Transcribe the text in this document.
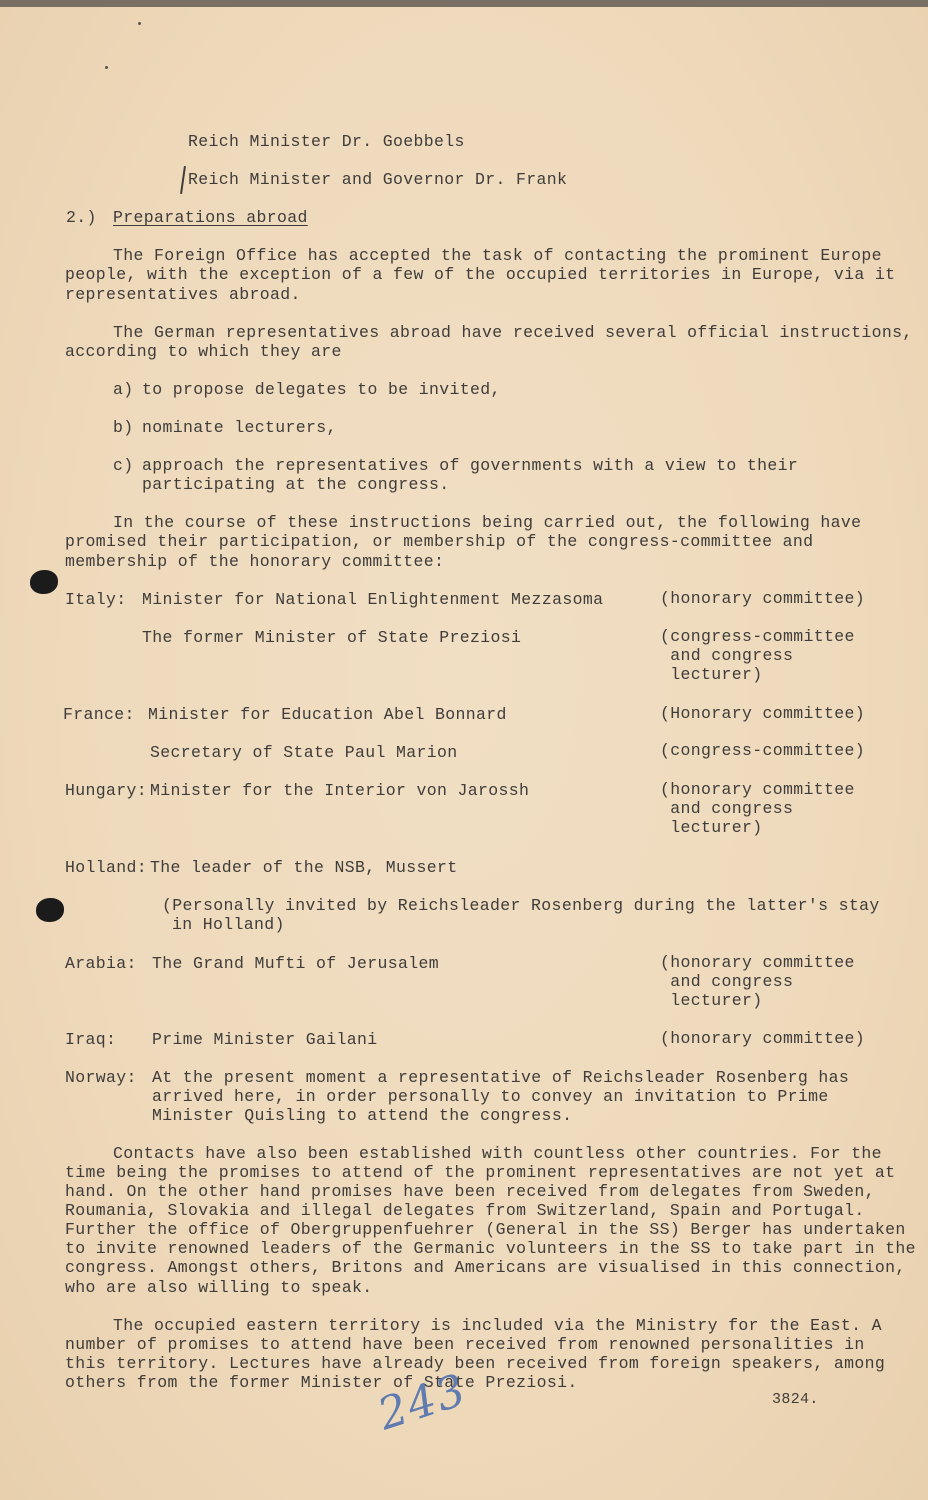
Reich Minister Dr. Goebbels
Reich Minister and Governor Dr. Frank
2.) Preparations abroad
The Foreign Office has accepted the task of contacting the prominent Europe
people, with the exception of a few of the occupied territories in Europe, via it
representatives abroad.
The German representatives abroad have received several official instructions,
according to which they are
a) to propose delegates to be invited,
b) nominate lecturers,
c) approach the representatives of governments with a view to their
participating at the congress.
In the course of these instructions being carried out, the following have
promised their participation, or membership of the congress-committee and
membership of the honorary committee:
Italy: Minister for National Enlightenment Mezzasoma	(honorary committee)
The former Minister of State Preziosi	(congress-committee
and congress
lecturer)
France: Minister for Education Abel Bonnard	(Honorary committee)
Secretary of State Paul Marion	(congress-committee)
Hungary: Minister for the Interior von Jarossh	(honorary committee
and congress
lecturer)
Holland: The leader of the NSB, Mussert
(Personally invited by Reichsleader Rosenberg during the latter's stay
in Holland)
Arabia: The Grand Mufti of Jerusalem	(honorary committee
and congress
lecturer)
Iraq: Prime Minister Gailani	(honorary committee)
Norway: At the present moment a representative of Reichsleader Rosenberg has
arrived here, in order personally to convey an invitation to Prime
Minister Quisling to attend the congress.
Contacts have also been established with countless other countries. For the
time being the promises to attend of the prominent representatives are not yet at
hand. On the other hand promises have been received from delegates from Sweden,
Roumania, Slovakia and illegal delegates from Switzerland, Spain and Portugal.
Further the office of Obergruppenfuehrer (General in the SS) Berger has undertaken
to invite renowned leaders of the Germanic volunteers in the SS to take part in the
congress. Amongst others, Britons and Americans are visualised in this connection,
who are also willing to speak.
The occupied eastern territory is included via the Ministry for the East. A
number of promises to attend have been received from renowned personalities in
this territory. Lectures have already been received from foreign speakers, among
others from the former Minister of State Preziosi.
3824.
243
